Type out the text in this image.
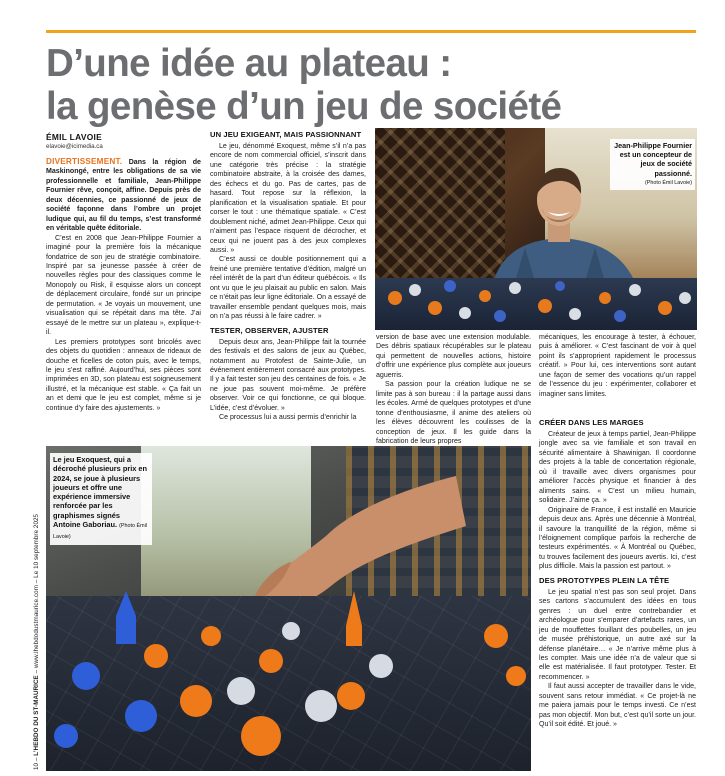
D’une idée au plateau :
la genèse d’un jeu de société
ÉMIL LAVOIE
elavoie@icimedia.ca

DIVERTISSEMENT. Dans la région de Maskinongé, entre les obligations de sa vie professionnelle et familiale, Jean-Philippe Fournier rêve, conçoit, affine. Depuis près de deux décennies, ce passionné de jeux de société façonne dans l’ombre un projet ludique qui, au fil du temps, s’est transformé en véritable quête éditoriale.

C’est en 2008 que Jean-Philippe Fournier a imaginé pour la première fois la mécanique fondatrice de son jeu de stratégie combinatoire. Inspiré par sa jeunesse passée à créer de nouvelles règles pour des classiques comme le Monopoly ou Risk, il esquisse alors un concept de déplacement circulaire, fondé sur un principe de permutation. « Je voyais un mouvement, une visualisation qui se répétait dans ma tête. J’ai essayé de le mettre sur un plateau », explique-t-il.

Les premiers prototypes sont bricolés avec des objets du quotidien : anneaux de rideaux de douche et ficelles de coton puis, avec le temps, le jeu s’est raffiné. Aujourd’hui, ses pièces sont imprimées en 3D, son plateau est soigneusement illustré, et la mécanique est stable. « Ça fait un an et demi que le jeu est complet, même si je continue d’y faire des ajustements. »

UN JEU EXIGEANT, MAIS PASSIONNANT

Le jeu, dénommé Exoquest, même s’il n’a pas encore de nom commercial officiel, s’inscrit dans une catégorie très précise : la stratégie combinatoire abstraite, à la croisée des dames, des échecs et du go. Pas de cartes, pas de hasard. Tout repose sur la réflexion, la planification et la visualisation spatiale. Et pour corser le tout : une thématique spatiale. « C’est doublement niché, admet Jean-Philippe. Ceux qui n’aiment pas l’espace risquent de décrocher, et ceux qui ne jouent pas à des jeux complexes aussi. »

C’est aussi ce double positionnement qui a freiné une première tentative d’édition, malgré un réel intérêt de la part d’un éditeur québécois. « Ils ont vu que le jeu plaisait au public en salon. Mais ce n’était pas leur ligne éditoriale. On a essayé de travailler ensemble pendant quelques mois, mais on n’a pas réussi à le faire cadrer. »

TESTER, OBSERVER, AJUSTER

Depuis deux ans, Jean-Philippe fait la tournée des festivals et des salons de jeux au Québec, notamment au Protofest de Sainte-Julie, un événement entièrement consacré aux prototypes. Il y a fait tester son jeu des centaines de fois. « Je ne joue pas souvent moi-même. Je préfère observer. Voir ce qui fonctionne, ce qui bloque. L’idée, c’est d’évoluer. »

Ce processus lui a aussi permis d’enrichir la

Jean-Philippe Fournier est un concepteur de jeux de société passionné.
(Photo Émil Lavoie)

version de base avec une extension modulable. Des débris spatiaux récupérables sur le plateau qui permettent de nouvelles actions, histoire d’offrir une expérience plus complète aux joueurs aguerris.

Sa passion pour la création ludique ne se limite pas à son bureau : il la partage aussi dans les écoles. Armé de quelques prototypes et d’une tonne d’enthousiasme, il anime des ateliers où les élèves découvrent les coulisses de la conception de jeux. Il les guide dans la fabrication de leurs propres

mécaniques, les encourage à tester, à échouer, puis à améliorer. « C’est fascinant de voir à quel point ils s’approprient rapidement le processus créatif. » Pour lui, ces interventions sont autant une façon de semer des vocations qu’un rappel de l’essence du jeu : expérimenter, collaborer et imaginer sans limites.

CRÉER DANS LES MARGES

Créateur de jeux à temps partiel, Jean-Philippe jongle avec sa vie familiale et son travail en sécurité alimentaire à Shawinigan. Il coordonne des projets à la table de concertation régionale, où il travaille avec divers organismes pour améliorer l’accès physique et financier à des aliments sains. « C’est un milieu humain, solidaire. J’aime ça. »

Originaire de France, il est installé en Mauricie depuis deux ans. Après une décennie à Montréal, il savoure la tranquillité de la région, même si l’éloignement complique parfois la recherche de testeurs expérimentés. « À Montréal ou Québec, tu trouves facilement des joueurs avertis. Ici, c’est plus difficile. Mais la passion est partout. »

DES PROTOTYPES PLEIN LA TÊTE

Le jeu spatial n’est pas son seul projet. Dans ses cartons s’accumulent des idées en tous genres : un duel entre contrebandier et archéologue pour s’emparer d’artefacts rares, un jeu de mouffettes fouillant des poubelles, un jeu de musée préhistorique, un autre axé sur la défense planétaire… « Je n’arrive même plus à les compter. Mais une idée n’a de valeur que si elle est matérialisée. Il faut prototyper. Tester. Et recommencer. »

Il faut aussi accepter de travailler dans le vide, souvent sans retour immédiat. « Ce projet-là ne me paiera jamais pour le temps investi. Ce n’est pas mon objectif. Mon but, c’est qu’il sorte un jour. Qu’il soit édité. Et joué. »

Le jeu Exoquest, qui a décroché plusieurs prix en 2024, se joue à plusieurs joueurs et offre une expérience immersive renforcée par les graphismes signés Antoine Gaboriau. (Photo Émil Lavoie)
10 – L’HEBDO DU ST-MAURICE – www.lhebdodustmaurice.com – Le 10 septembre 2025
